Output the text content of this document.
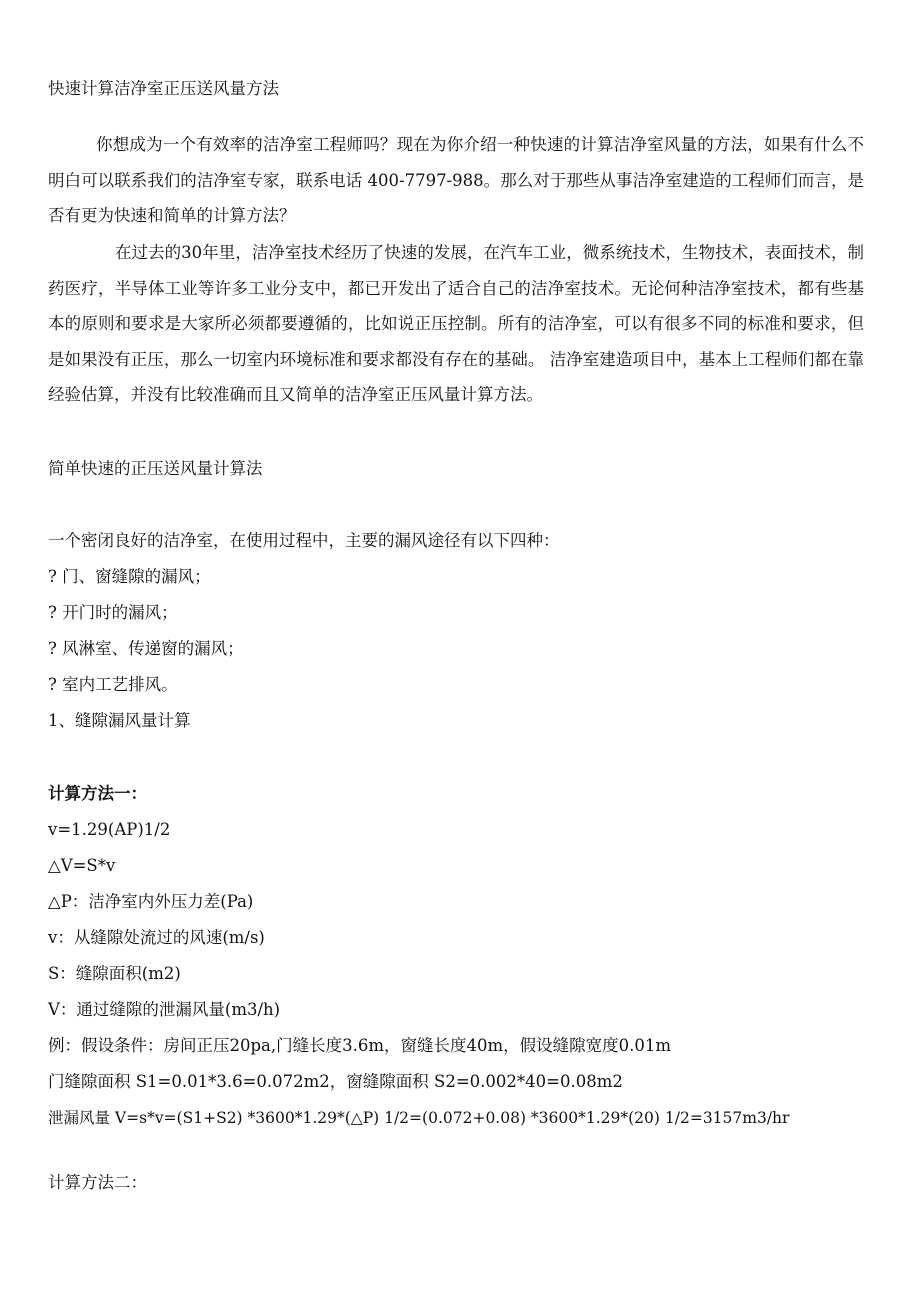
快速计算洁净室正压送风量方法

你想成为一个有效率的洁净室工程师吗？现在为你介绍一种快速的计算洁净室风量的方法，如果有什么不明白可以联系我们的洁净室专家，联系电话 400-7797-988。那么对于那些从事洁净室建造的工程师们而言，是否有更为快速和简单的计算方法？

在过去的30年里，洁净室技术经历了快速的发展，在汽车工业，微系统技术，生物技术，表面技术，制药医疗，半导体工业等许多工业分支中，都已开发出了适合自己的洁净室技术。无论何种洁净室技术，都有些基本的原则和要求是大家所必须都要遵循的，比如说正压控制。所有的洁净室，可以有很多不同的标准和要求，但是如果没有正压，那么一切室内环境标准和要求都没有存在的基础。 洁净室建造项目中，基本上工程师们都在靠经验估算，并没有比较准确而且又简单的洁净室正压风量计算方法。

简单快速的正压送风量计算法
一个密闭良好的洁净室，在使用过程中，主要的漏风途径有以下四种：
? 门、窗缝隙的漏风；
? 开门时的漏风；
? 风淋室、传递窗的漏风；
? 室内工艺排风。
1、缝隙漏风量计算
计算方法一：
v=1.29(AP)1/2
△V=S*v
△P：洁净室内外压力差(Pa)
v：从缝隙处流过的风速(m/s)
S：缝隙面积(m2)
V：通过缝隙的泄漏风量(m3/h)
例：假设条件：房间正压20pa,门缝长度3.6m，窗缝长度40m，假设缝隙宽度0.01m
门缝隙面积 S1=0.01*3.6=0.072m2，窗缝隙面积 S2=0.002*40=0.08m2
泄漏风量 V=s*v=(S1+S2) *3600*1.29*(△P) 1/2=(0.072+0.08) *3600*1.29*(20) 1/2=3157m3/hr
计算方法二：
